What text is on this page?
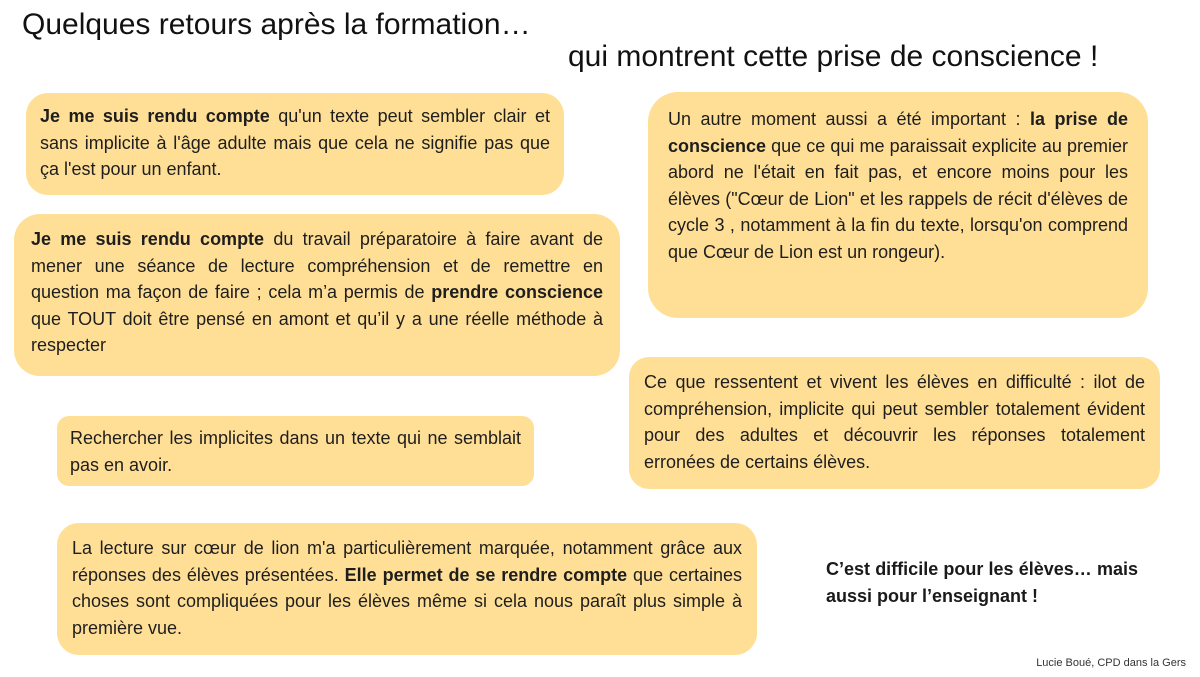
Quelques retours après la formation…
qui montrent cette prise de conscience !
Je me suis rendu compte qu'un texte peut sembler clair et sans implicite à l'âge adulte mais que cela ne signifie pas que ça l'est pour un enfant.
Je me suis rendu compte du travail préparatoire à faire avant de mener une séance de lecture compréhension et de remettre en question ma façon de faire ; cela m’a permis de prendre conscience que TOUT doit être pensé en amont et qu’il y a une réelle méthode à respecter
Rechercher les implicites dans un texte qui ne semblait pas en avoir.
La lecture sur cœur de lion m'a particulièrement marquée, notamment grâce aux réponses des élèves présentées. Elle permet de se rendre compte que certaines choses sont compliquées pour les élèves même si cela nous paraît plus simple à première vue.
Un autre moment aussi a été important : la prise de conscience que ce qui me paraissait explicite au premier abord ne l'était en fait pas, et encore moins pour les élèves ("Cœur de Lion" et les rappels de récit d'élèves de cycle 3 , notamment à la fin du texte, lorsqu'on comprend que Cœur de Lion est un rongeur).
Ce que ressentent et vivent les élèves en difficulté : ilot de compréhension, implicite qui peut sembler totalement évident pour des adultes et découvrir les réponses totalement erronées de certains élèves.
C’est difficile pour les élèves… mais aussi pour l’enseignant !
Lucie Boué, CPD dans la Gers
